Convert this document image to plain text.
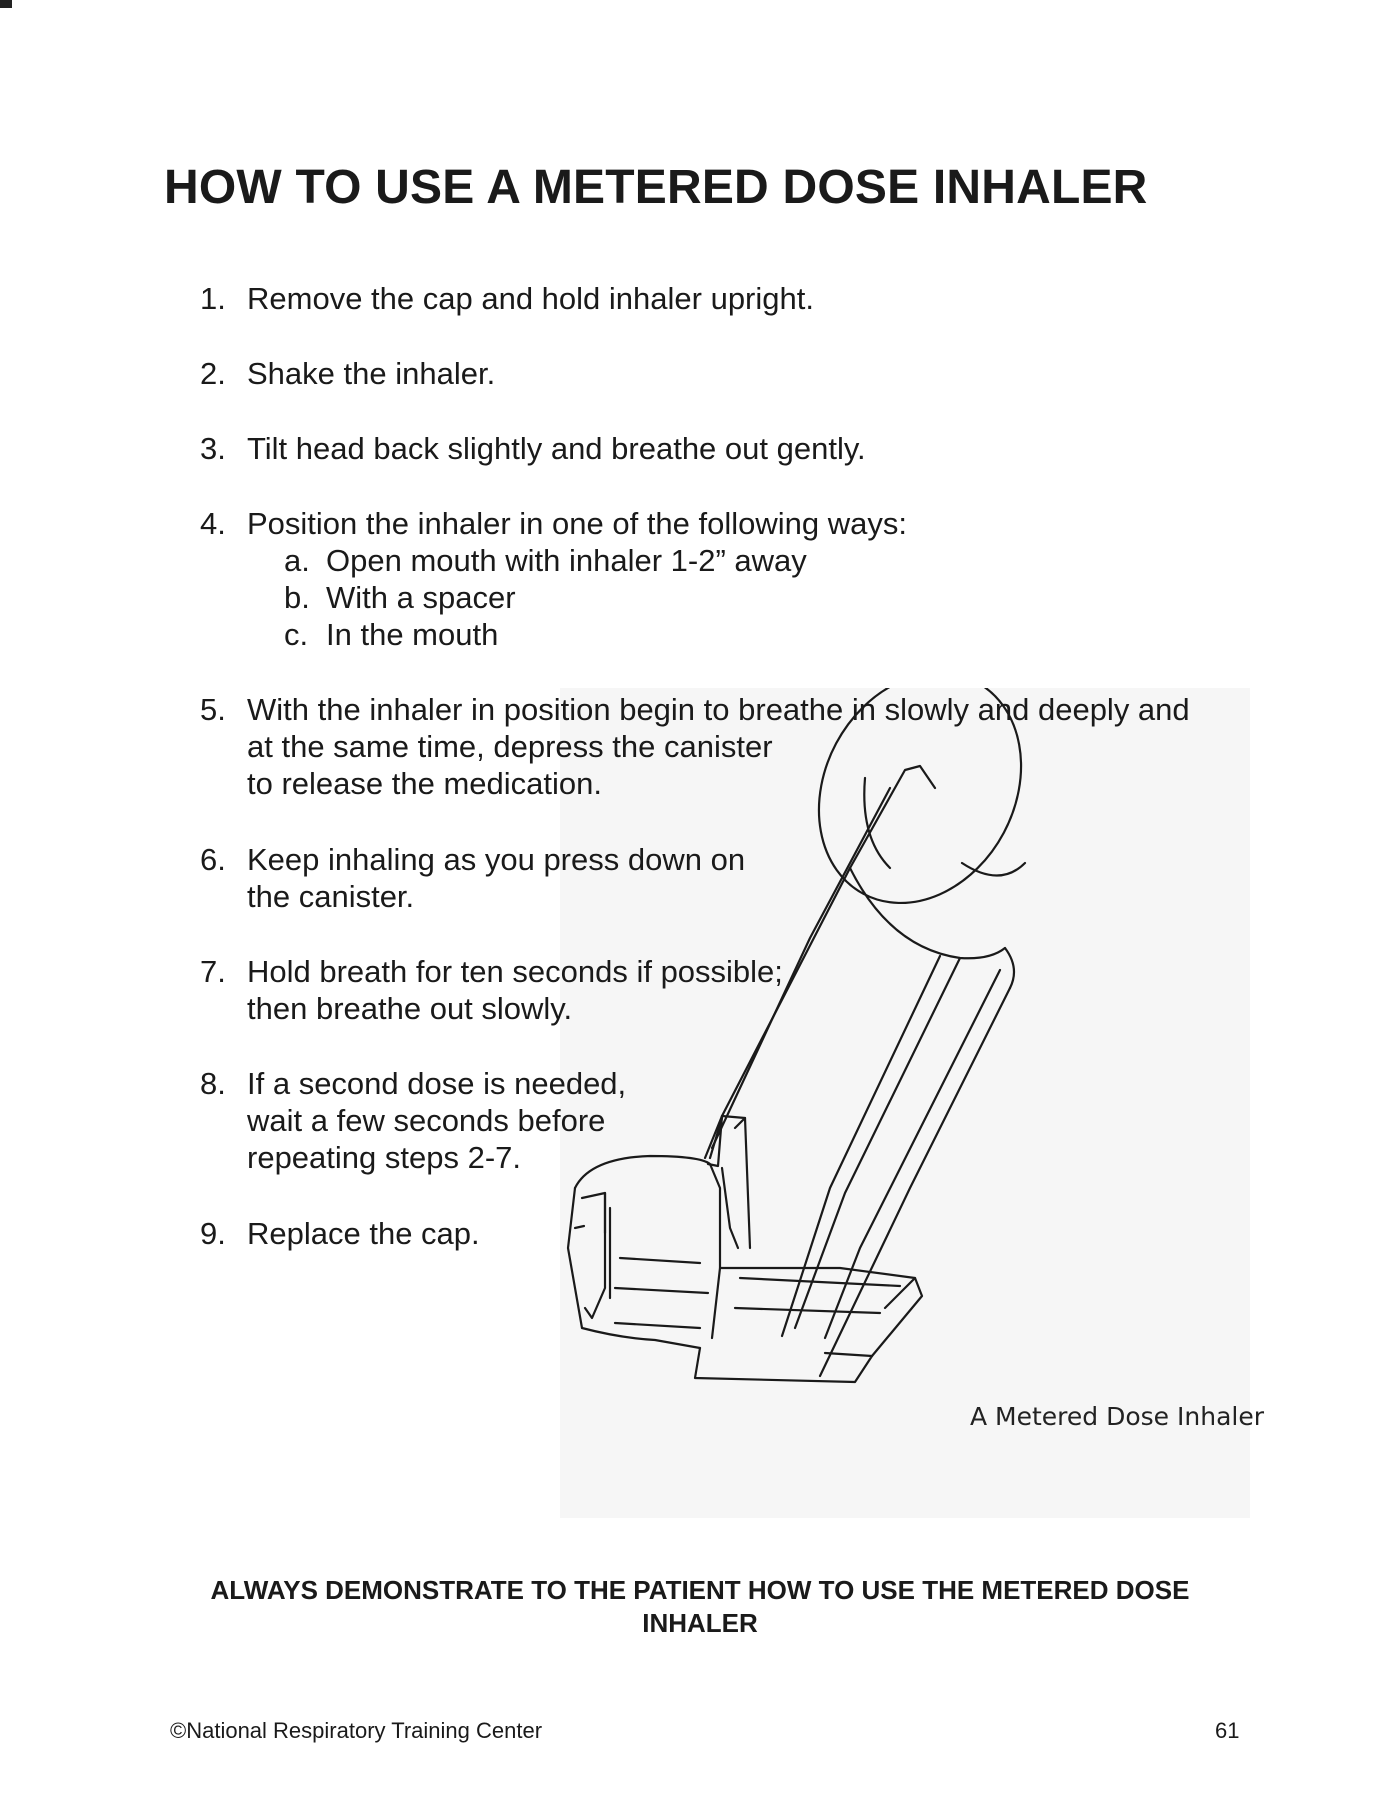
HOW TO USE A METERED DOSE INHALER
1. Remove the cap and hold inhaler upright.
2. Shake the inhaler.
3. Tilt head back slightly and breathe out gently.
4. Position the inhaler in one of the following ways:
a. Open mouth with inhaler 1-2” away
b. With a spacer
c. In the mouth
5. With the inhaler in position begin to breathe in slowly and deeply and
at the same time, depress the canister
to release the medication.
6. Keep inhaling as you press down on
the canister.
7. Hold breath for ten seconds if possible;
then breathe out slowly.
8. If a second dose is needed,
wait a few seconds before
repeating steps 2-7.
9. Replace the cap.
A Metered Dose Inhaler
ALWAYS DEMONSTRATE TO THE PATIENT HOW TO USE THE METERED DOSE INHALER
©National Respiratory Training Center	61
